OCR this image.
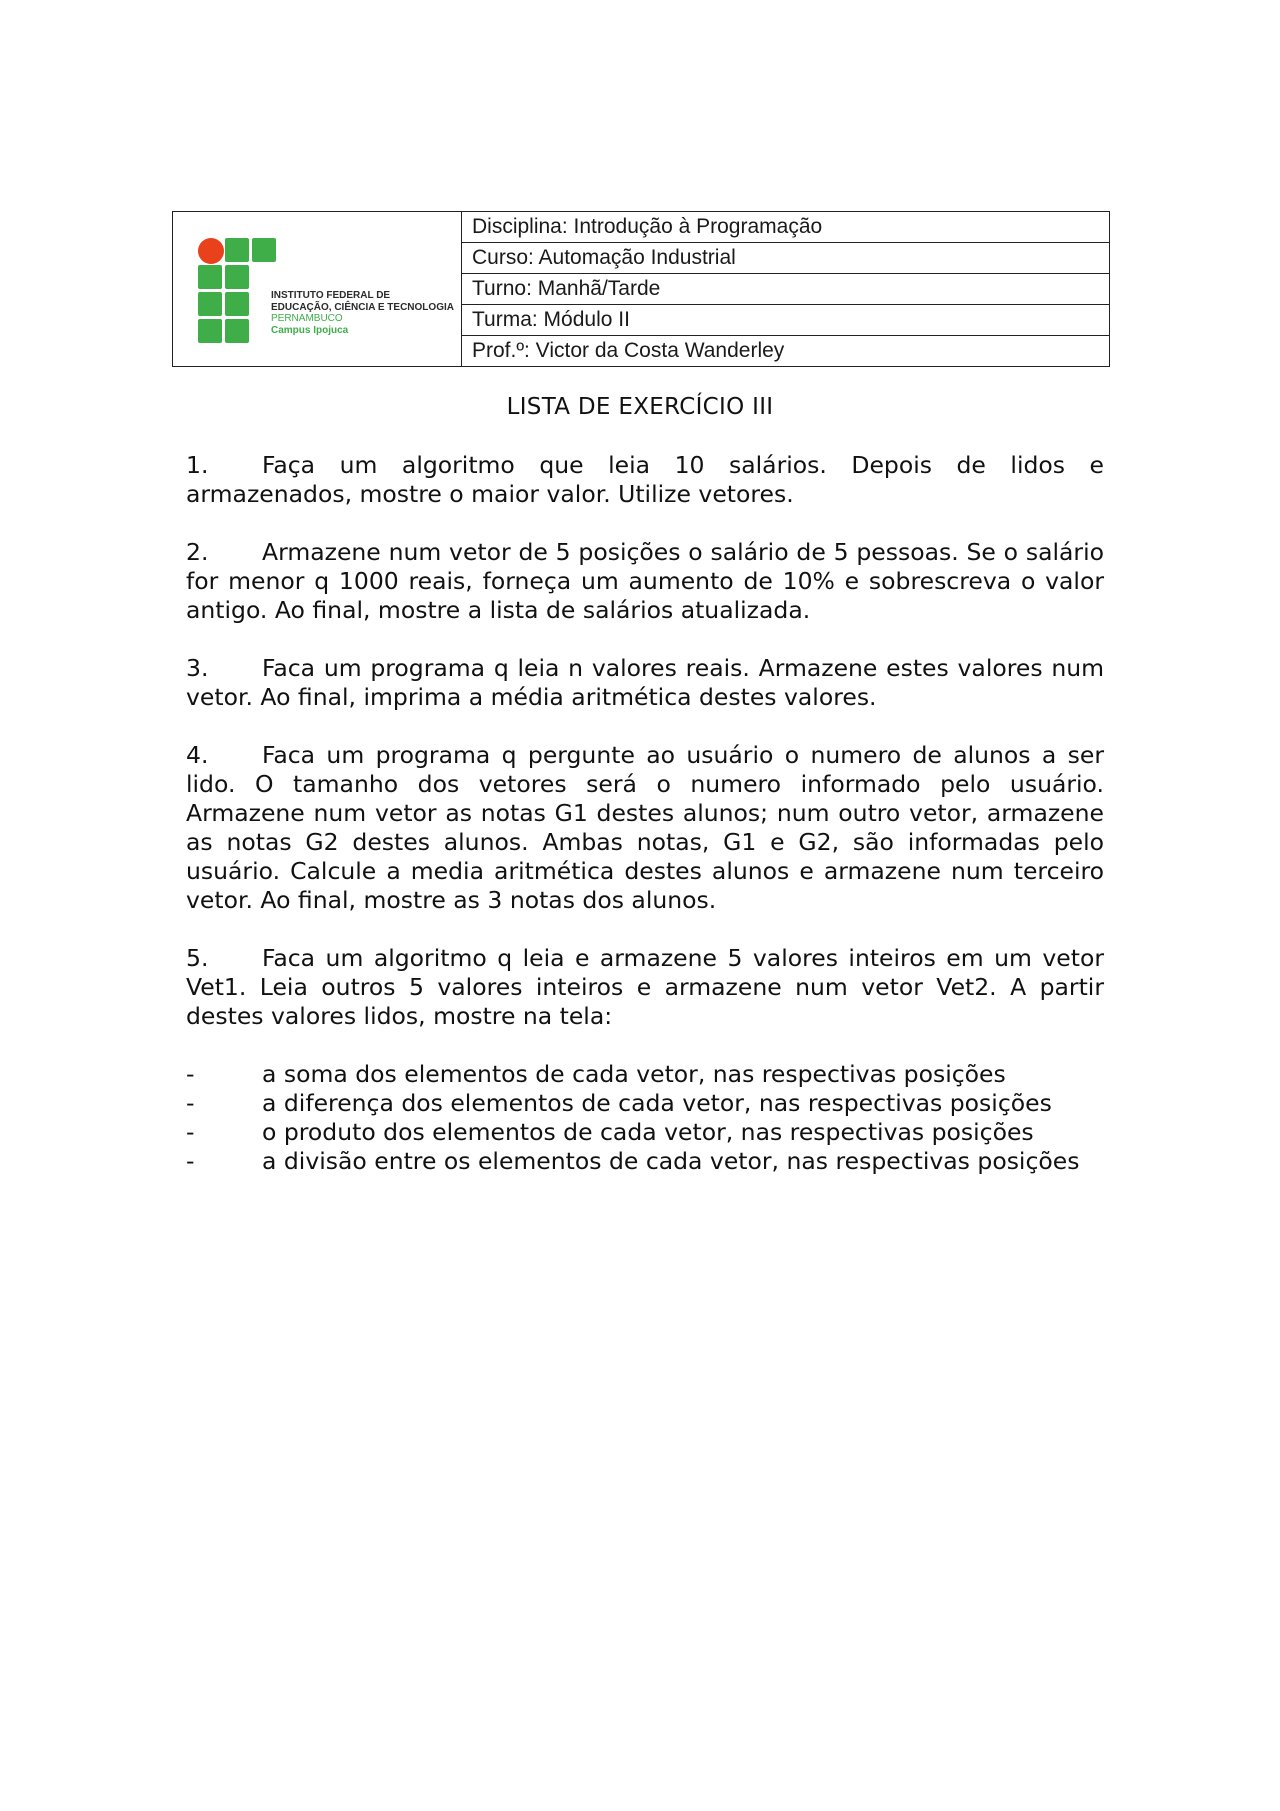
INSTITUTO FEDERAL DE
EDUCAÇÃO, CIÊNCIA E TECNOLOGIA
PERNAMBUCO
Campus Ipojuca
	Disciplina: Introdução à Programação
Curso: Automação Industrial
Turno: Manhã/Tarde
Turma: Módulo II
Prof.º: Victor da Costa Wanderley
LISTA DE EXERCÍCIO III

1. Faça um algoritmo que leia 10 salários. Depois de lidos e armazenados, mostre o maior valor. Utilize vetores.

2. Armazene num vetor de 5 posições o salário de 5 pessoas. Se o salário for menor q 1000 reais, forneça um aumento de 10% e sobrescreva o valor antigo. Ao final, mostre a lista de salários atualizada.

3. Faca um programa q leia n valores reais. Armazene estes valores num vetor. Ao final, imprima a média aritmética destes valores.

4. Faca um programa q pergunte ao usuário o numero de alunos a ser lido. O tamanho dos vetores será o numero informado pelo usuário. Armazene num vetor as notas G1 destes alunos; num outro vetor, armazene as notas G2 destes alunos. Ambas notas, G1 e G2, são informadas pelo usuário. Calcule a media aritmética destes alunos e armazene num terceiro vetor. Ao final, mostre as 3 notas dos alunos.

5. Faca um algoritmo q leia e armazene 5 valores inteiros em um vetor Vet1. Leia outros 5 valores inteiros e armazene num vetor Vet2. A partir destes valores lidos, mostre na tela:

-	a soma dos elementos de cada vetor, nas respectivas posições
-	a diferença dos elementos de cada vetor, nas respectivas posições
-	o produto dos elementos de cada vetor, nas respectivas posições
-	a divisão entre os elementos de cada vetor, nas respectivas posições
